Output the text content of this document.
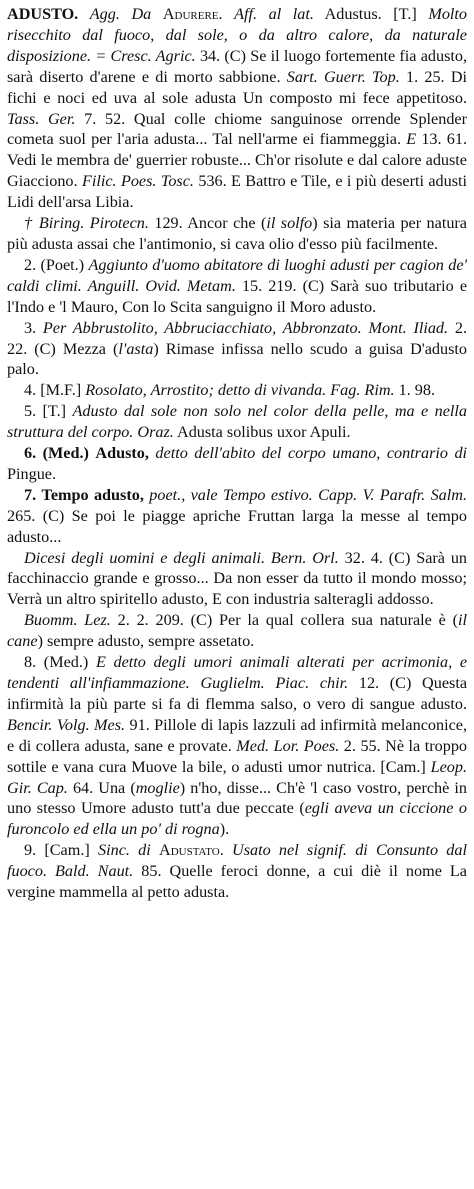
ADUSTO. Agg. Da Adurere. Aff. al lat. Adustus. [T.] Molto risecchito dal fuoco, dal sole, o da altro calore, da naturale disposizione. = Cresc. Agric. 34. (C) Se il luogo fortemente fia adusto, sarà diserto d'arene e di morto sabbione. Sart. Guerr. Top. 1. 25. Di fichi e noci ed uva al sole adusta Un composto mi fece appetitoso. Tass. Ger. 7. 52. Qual colle chiome sanguinose orrende Splender cometa suol per l'aria adusta... Tal nell'arme ei fiammeggia. E 13. 61. Vedi le membra de' guerrier robuste... Ch'or risolute e dal calore aduste Giacciono. Filic. Poes. Tosc. 536. E Battro e Tile, e i più deserti adusti Lidi dell'arsa Libia.

† Biring. Pirotecn. 129. Ancor che (il solfo) sia materia per natura più adusta assai che l'antimonio, si cava olio d'esso più facilmente.

2. (Poet.) Aggiunto d'uomo abitatore di luoghi adusti per cagion de' caldi climi. Anguill. Ovid. Metam. 15. 219. (C) Sarà suo tributario e l'Indo e 'l Mauro, Con lo Scita sanguigno il Moro adusto.

3. Per Abbrustolito, Abbruciacchiato, Abbronzato. Mont. Iliad. 2. 22. (C) Mezza (l'asta) Rimase infissa nello scudo a guisa D'adusto palo.

4. [M.F.] Rosolato, Arrostito; detto di vivanda. Fag. Rim. 1. 98.

5. [T.] Adusto dal sole non solo nel color della pelle, ma e nella struttura del corpo. Oraz. Adusta solibus uxor Apuli.

6. (Med.) Adusto, detto dell'abito del corpo umano, contrario di Pingue.

7. Tempo adusto, poet., vale Tempo estivo. Capp. V. Parafr. Salm. 265. (C) Se poi le piagge apriche Fruttan larga la messe al tempo adusto...

Dicesi degli uomini e degli animali. Bern. Orl. 32. 4. (C) Sarà un facchinaccio grande e grosso... Da non esser da tutto il mondo mosso; Verrà un altro spiritello adusto, E con industria salteragli addosso.

Buomm. Lez. 2. 2. 209. (C) Per la qual collera sua naturale è (il cane) sempre adusto, sempre assetato.

8. (Med.) E detto degli umori animali alterati per acrimonia, e tendenti all'infiammazione. Guglielm. Piac. chir. 12. (C) Questa infirmità la più parte si fa di flemma salso, o vero di sangue adusto. Bencir. Volg. Mes. 91. Pillole di lapis lazzuli ad infirmità melanconice, e di collera adusta, sane e provate. Med. Lor. Poes. 2. 55. Nè la troppo sottile e vana cura Muove la bile, o adusti umor nutrica. [Cam.] Leop. Gir. Cap. 64. Una (moglie) n'ho, disse... Ch'è 'l caso vostro, perchè in uno stesso Umore adusto tutt'a due peccate (egli aveva un ciccione o furoncolo ed ella un po' di rogna).

9. [Cam.] Sinc. di Adustato. Usato nel signif. di Consunto dal fuoco. Bald. Naut. 85. Quelle feroci donne, a cui diè il nome La vergine mammella al petto adusta.
